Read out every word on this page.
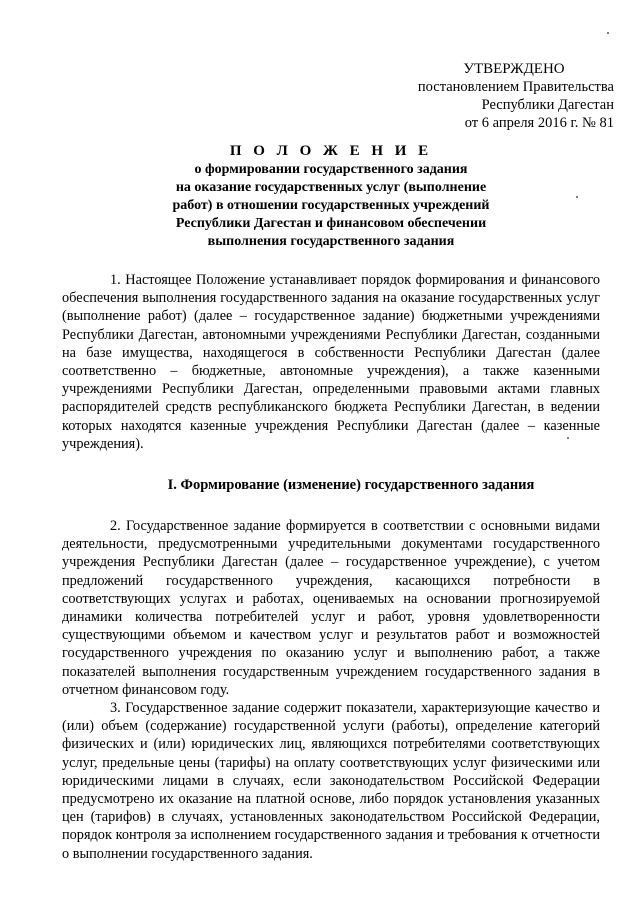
УТВЕРЖДЕНО
постановлением Правительства
Республики Дагестан
от 6 апреля 2016 г. № 81
П О Л О Ж Е Н И Е
о формировании государственного задания
на оказание государственных услуг (выполнение
работ) в отношении государственных учреждений
Республики Дагестан и финансовом обеспечении
выполнения государственного задания

1. Настоящее Положение устанавливает порядок формирования и финансового обеспечения выполнения государственного задания на оказание государственных услуг (выполнение работ) (далее – государственное задание) бюджетными учреждениями Республики Дагестан, автономными учреждениями Республики Дагестан, созданными на базе имущества, находящегося в собственности Республики Дагестан (далее соответственно – бюджетные, автономные учреждения), а также казенными учреждениями Республики Дагестан, определенными правовыми актами главных распорядителей средств республиканского бюджета Республики Дагестан, в ведении которых находятся казенные учреждения Республики Дагестан (далее – казенные учреждения).

I. Формирование (изменение) государственного задания

2. Государственное задание формируется в соответствии с основными видами деятельности, предусмотренными учредительными документами государственного учреждения Республики Дагестан (далее – государственное учреждение), с учетом предложений государственного учреждения, касающихся потребности в соответствующих услугах и работах, оцениваемых на основании прогнозируемой динамики количества потребителей услуг и работ, уровня удовлетворенности существующими объемом и качеством услуг и результатов работ и возможностей государственного учреждения по оказанию услуг и выполнению работ, а также показателей выполнения государственным учреждением государственного задания в отчетном финансовом году.

3. Государственное задание содержит показатели, характеризующие качество и (или) объем (содержание) государственной услуги (работы), определение категорий физических и (или) юридических лиц, являющихся потребителями соответствующих услуг, предельные цены (тарифы) на оплату соответствующих услуг физическими или юридическими лицами в случаях, если законодательством Российской Федерации предусмотрено их оказание на платной основе, либо порядок установления указанных цен (тарифов) в случаях, установленных законодательством Российской Федерации, порядок контроля за исполнением государственного задания и требования к отчетности о выполнении государственного задания.
